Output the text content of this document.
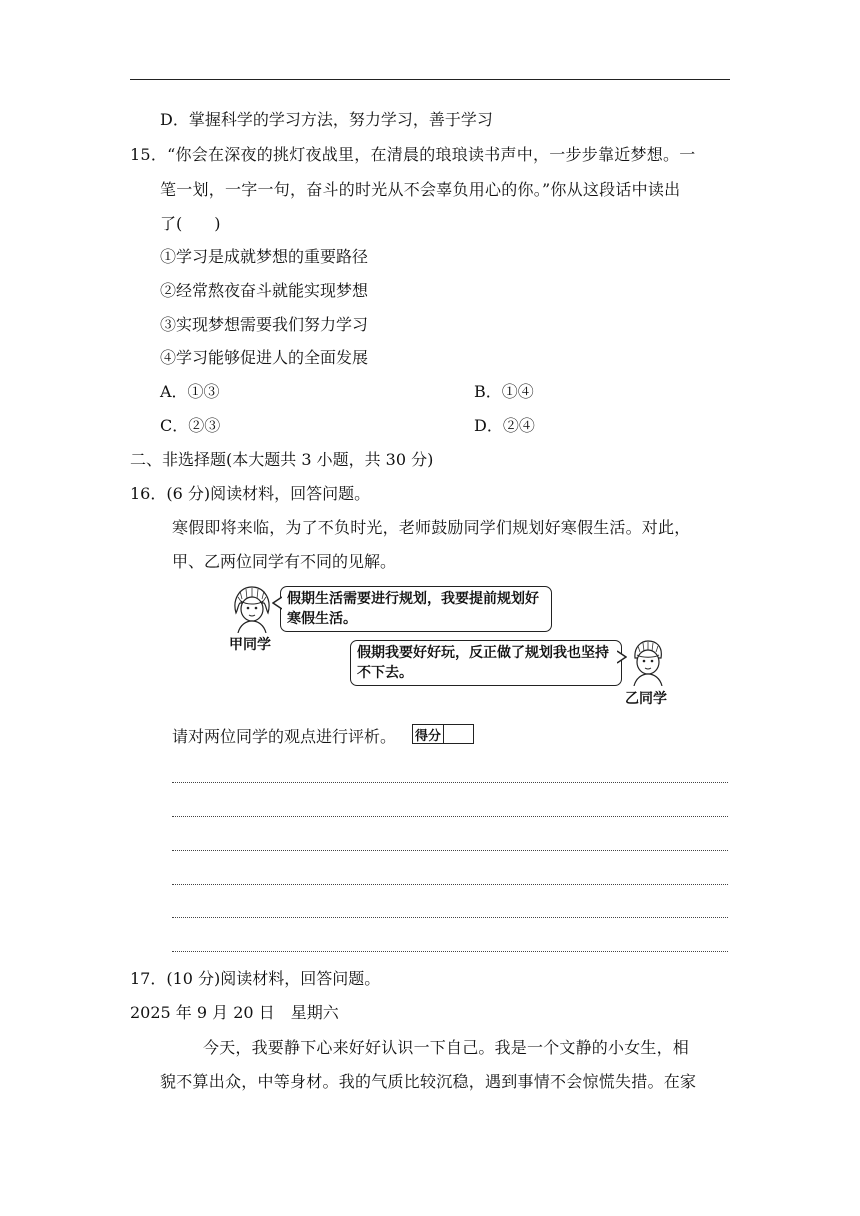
D．掌握科学的学习方法，努力学习，善于学习
15．“你会在深夜的挑灯夜战里，在清晨的琅琅读书声中，一步步靠近梦想。一
笔一划，一字一句，奋斗的时光从不会辜负用心的你。”你从这段话中读出
了(　　)
①学习是成就梦想的重要路径
②经常熬夜奋斗就能实现梦想
③实现梦想需要我们努力学习
④学习能够促进人的全面发展
A．①③	B．①④
C．②③	D．②④
二、非选择题(本大题共 3 小题，共 30 分)
16．(6 分)阅读材料，回答问题。
寒假即将来临，为了不负时光，老师鼓励同学们规划好寒假生活。对此，
甲、乙两位同学有不同的见解。
甲同学
假期生活需要进行规划，我要提前规划好寒假生活。
假期我要好好玩，反正做了规划我也坚持不下去。
乙同学
请对两位同学的观点进行评析。 得分
17．(10 分)阅读材料，回答问题。
2025 年 9 月 20 日　星期六
今天，我要静下心来好好认识一下自己。我是一个文静的小女生，相
貌不算出众，中等身材。我的气质比较沉稳，遇到事情不会惊慌失措。在家
